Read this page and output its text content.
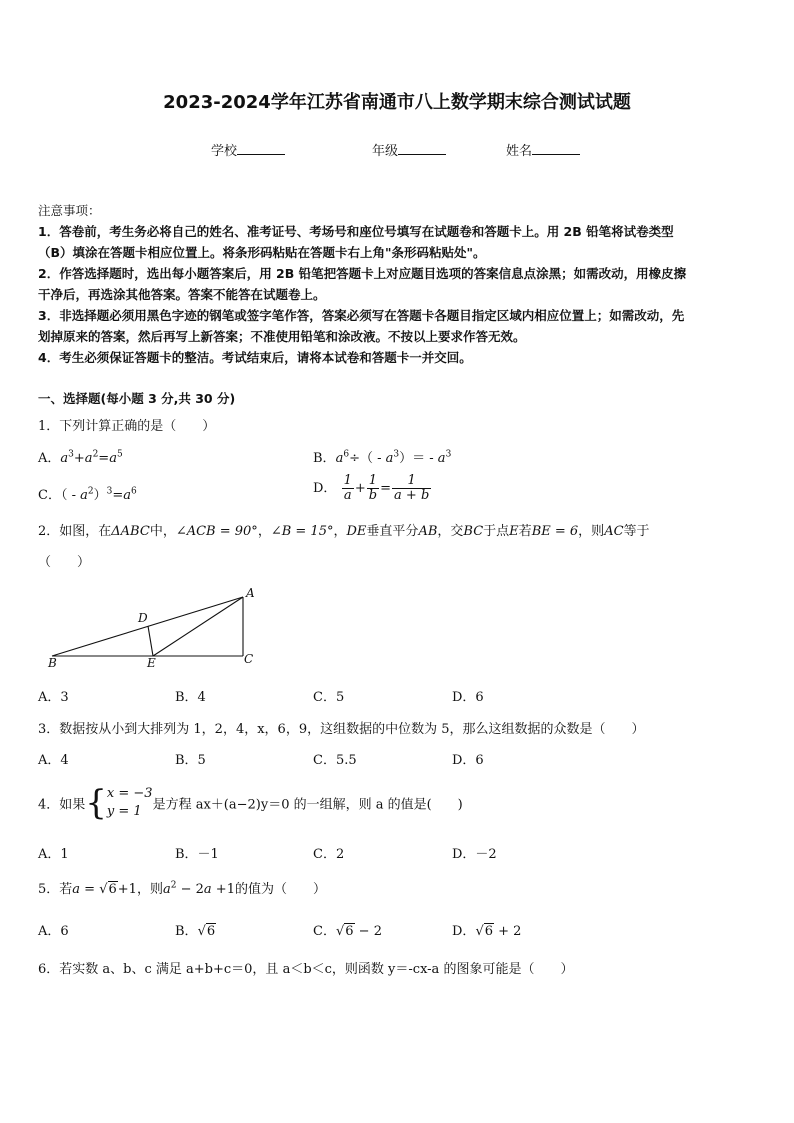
2023-2024学年江苏省南通市八上数学期末综合测试试题
学校	年级	姓名
注意事项：
1．答卷前，考生务必将自己的姓名、准考证号、考场号和座位号填写在试题卷和答题卡上。用 2B 铅笔将试卷类型
（B）填涂在答题卡相应位置上。将条形码粘贴在答题卡右上角"条形码粘贴处"。
2．作答选择题时，选出每小题答案后，用 2B 铅笔把答题卡上对应题目选项的答案信息点涂黑；如需改动，用橡皮擦
干净后，再选涂其他答案。答案不能答在试题卷上。
3．非选择题必须用黑色字迹的钢笔或签字笔作答，答案必须写在答题卡各题目指定区域内相应位置上；如需改动，先
划掉原来的答案，然后再写上新答案；不准使用铅笔和涂改液。不按以上要求作答无效。
4．考生必须保证答题卡的整洁。考试结束后，请将本试卷和答题卡一并交回。
一、选择题(每小题 3 分,共 30 分)
1．下列计算正确的是（　　）
A．$a^3+a^2=a^5$	B．$a^6\div( - a^3)= - a^3$
C．（ - $a^2)^3=a^6$	D． $\frac{1}{a} + \frac{1}{b} = \frac{1}{a + b}$
2．如图，在ΔABC中，∠ACB = 90°，∠B = 15°，DE垂直平分AB，交BC于点E若BE = 6，则AC等于
（　　）
A
B	C
D
E
A．3	B．4	C．5	D．6
3．数据按从小到大排列为 1，2，4，x，6，9，这组数据的中位数为 5，那么这组数据的众数是（　　）
A．4	B．5	C．5.5	D．6
4．如果{ x = −3
y = 1 是方程 ax＋(a−2)y＝0 的一组解，则 a 的值是(　　)
A．1	B．－1	C．2	D．－2
5．若a = √6+1，则$a^2 - 2a +1$的值为（　　）
A．6	B．√6	C．√6 − 2	D．√6 + 2
6．若实数 a、b、c 满足 a+b+c＝0，且 a＜b＜c，则函数 y＝-cx-a 的图象可能是（　　）
